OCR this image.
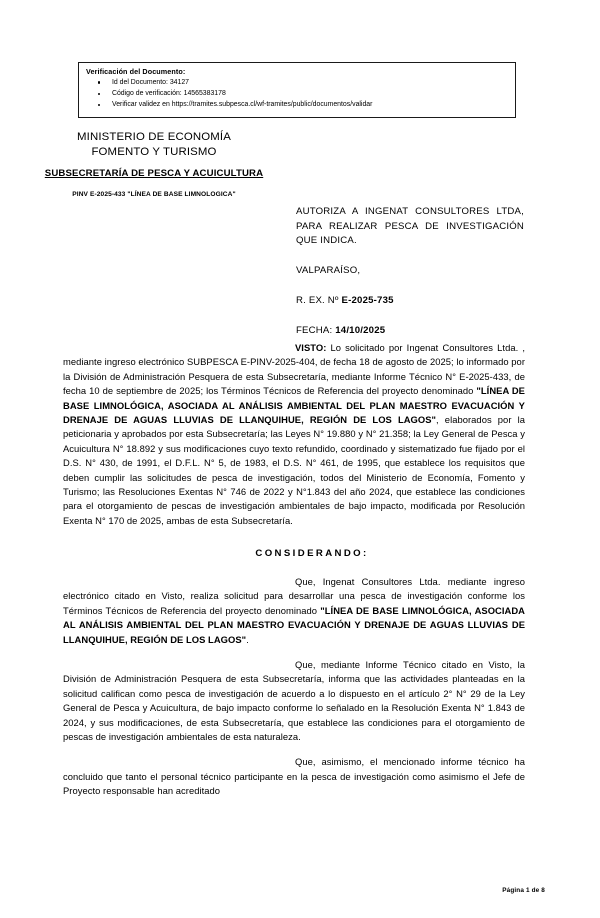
Verificación del Documento:
Id del Documento: 34127
Código de verificación: 14565383178
Verificar validez en https://tramites.subpesca.cl/wf-tramites/public/documentos/validar
MINISTERIO DE ECONOMÍA
FOMENTO Y TURISMO
SUBSECRETARÍA DE PESCA Y ACUICULTURA
PINV E-2025-433 "LÍNEA DE BASE LIMNOLOGICA"
AUTORIZA A INGENAT CONSULTORES LTDA, PARA REALIZAR PESCA DE INVESTIGACIÓN QUE INDICA.
VALPARAÍSO,
R. EX. Nº E-2025-735
FECHA: 14/10/2025

VISTO: Lo solicitado por Ingenat Consultores Ltda. , mediante ingreso electrónico SUBPESCA E-PINV-2025-404, de fecha 18 de agosto de 2025; lo informado por la División de Administración Pesquera de esta Subsecretaría, mediante Informe Técnico N° E-2025-433, de fecha 10 de septiembre de 2025; los Términos Técnicos de Referencia del proyecto denominado "LÍNEA DE BASE LIMNOLÓGICA, ASOCIADA AL ANÁLISIS AMBIENTAL DEL PLAN MAESTRO EVACUACIÓN Y DRENAJE DE AGUAS LLUVIAS DE LLANQUIHUE, REGIÓN DE LOS LAGOS", elaborados por la peticionaria y aprobados por esta Subsecretaría; las Leyes N° 19.880 y N° 21.358; la Ley General de Pesca y Acuicultura N° 18.892 y sus modificaciones cuyo texto refundido, coordinado y sistematizado fue fijado por el D.S. N° 430, de 1991, el D.F.L. N° 5, de 1983, el D.S. N° 461, de 1995, que establece los requisitos que deben cumplir las solicitudes de pesca de investigación, todos del Ministerio de Economía, Fomento y Turismo; las Resoluciones Exentas N° 746 de 2022 y N°1.843 del año 2024, que establece las condiciones para el otorgamiento de pescas de investigación ambientales de bajo impacto, modificada por Resolución Exenta N° 170 de 2025, ambas de esta Subsecretaría.

CONSIDERANDO:

Que, Ingenat Consultores Ltda. mediante ingreso electrónico citado en Visto, realiza solicitud para desarrollar una pesca de investigación conforme los Términos Técnicos de Referencia del proyecto denominado "LÍNEA DE BASE LIMNOLÓGICA, ASOCIADA AL ANÁLISIS AMBIENTAL DEL PLAN MAESTRO EVACUACIÓN Y DRENAJE DE AGUAS LLUVIAS DE LLANQUIHUE, REGIÓN DE LOS LAGOS".

Que, mediante Informe Técnico citado en Visto, la División de Administración Pesquera de esta Subsecretaría, informa que las actividades planteadas en la solicitud califican como pesca de investigación de acuerdo a lo dispuesto en el artículo 2° N° 29 de la Ley General de Pesca y Acuicultura, de bajo impacto conforme lo señalado en la Resolución Exenta N° 1.843 de 2024, y sus modificaciones, de esta Subsecretaría, que establece las condiciones para el otorgamiento de pescas de investigación ambientales de esta naturaleza.

Que, asimismo, el mencionado informe técnico ha concluido que tanto el personal técnico participante en la pesca de investigación como asimismo el Jefe de Proyecto responsable han acreditado

Página 1 de 8
